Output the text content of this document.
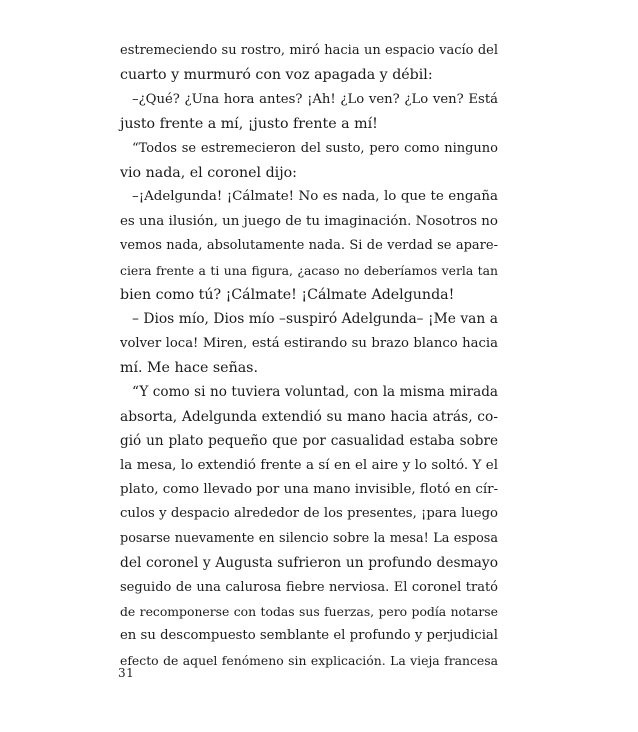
estremeciendo su rostro, miró hacia un espacio vacío del
cuarto y murmuró con voz apagada y débil:
–¿Qué? ¿Una hora antes? ¡Ah! ¿Lo ven? ¿Lo ven? Está
justo frente a mí, ¡justo frente a mí!
“Todos se estremecieron del susto, pero como ninguno
vio nada, el coronel dijo:
–¡Adelgunda! ¡Cálmate! No es nada, lo que te engaña
es una ilusión, un juego de tu imaginación. Nosotros no
vemos nada, absolutamente nada. Si de verdad se apare-
ciera frente a ti una figura, ¿acaso no deberíamos verla tan
bien como tú? ¡Cálmate! ¡Cálmate Adelgunda!
– Dios mío, Dios mío –suspiró Adelgunda– ¡Me van a
volver loca! Miren, está estirando su brazo blanco hacia
mí. Me hace señas.
“Y como si no tuviera voluntad, con la misma mirada
absorta, Adelgunda extendió su mano hacia atrás, co-
gió un plato pequeño que por casualidad estaba sobre
la mesa, lo extendió frente a sí en el aire y lo soltó. Y el
plato, como llevado por una mano invisible, flotó en cír-
culos y despacio alrededor de los presentes, ¡para luego
posarse nuevamente en silencio sobre la mesa! La esposa
del coronel y Augusta sufrieron un profundo desmayo
seguido de una calurosa fiebre nerviosa. El coronel trató
de recomponerse con todas sus fuerzas, pero podía notarse
en su descompuesto semblante el profundo y perjudicial
efecto de aquel fenómeno sin explicación. La vieja francesa
31
